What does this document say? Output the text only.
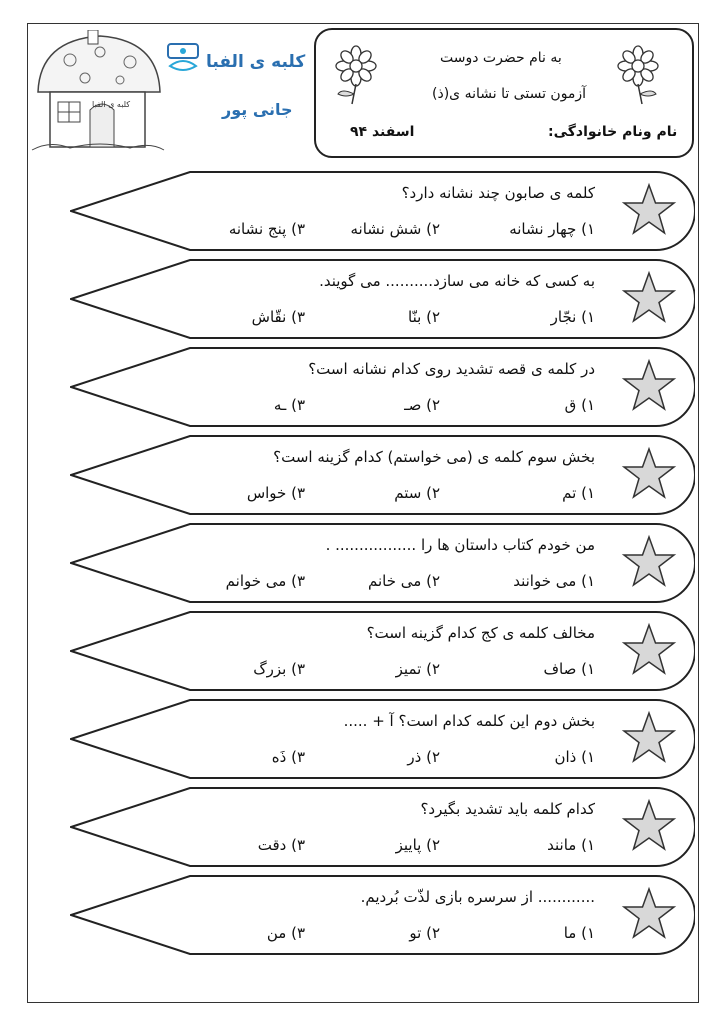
کلبه ی الفبا
کلبه ی الفبا
جانی پور
به نام حضرت دوست
آزمون تستی تا نشانه ی(ذ)
نام ونام خانوادگی:
اسفند ۹۴
کلمه ی صابون چند نشانه دارد؟
۱) چهار نشانه
۲) شش نشانه
۳) پنج نشانه
به کسی که خانه می سازد.......... می گویند.
۱) نجّار
۲) بنّا
۳) نقّاش
در کلمه ی قصه تشدید روی کدام نشانه است؟
۱) ق
۲) صـ
۳) ـه
بخش سوم کلمه ی (می خواستم) کدام گزینه است؟
۱) تم
۲) ستم
۳) خواس
من خودم کتاب داستان ها را ................. .
۱) می خوانند
۲) می خانم
۳) می خوانم
مخالف کلمه ی کج کدام گزینه است؟
۱) صاف
۲) تمیز
۳) بزرگ
بخش دوم این کلمه کدام است؟ آ + .....
۱) ذان
۲) ذر
۳) ذَه
کدام کلمه باید تشدید بگیرد؟
۱) مانند
۲) پاییز
۳) دقت
............ از سرسره بازی لذّت بُردیم.
۱) ما
۲) تو
۳) من
